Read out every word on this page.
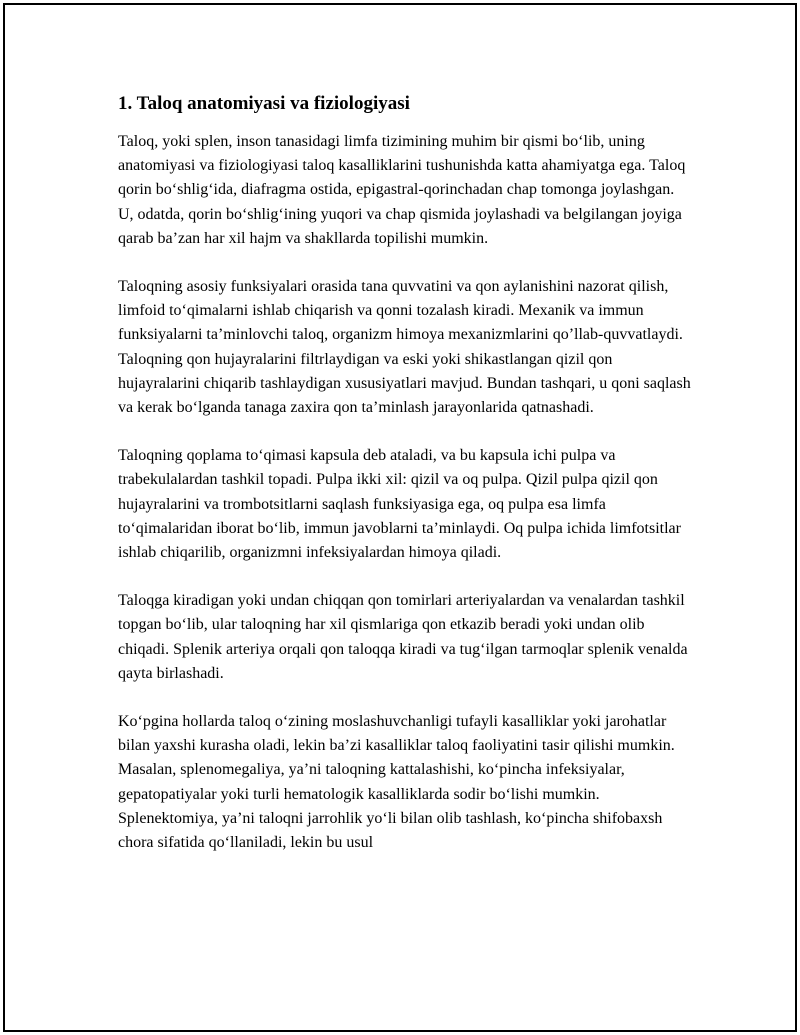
1. Taloq anatomiyasi va fiziologiyasi

Taloq, yoki splen, inson tanasidagi limfa tizimining muhim bir qismi bo‘lib, uning anatomiyasi va fiziologiyasi taloq kasalliklarini tushunishda katta ahamiyatga ega. Taloq qorin bo‘shlig‘ida, diafragma ostida, epigastral-qorinchadan chap tomonga joylashgan. U, odatda, qorin bo‘shlig‘ining yuqori va chap qismida joylashadi va belgilangan joyiga qarab ba’zan har xil hajm va shakllarda topilishi mumkin.

Taloqning asosiy funksiyalari orasida tana quvvatini va qon aylanishini nazorat qilish, limfoid to‘qimalarni ishlab chiqarish va qonni tozalash kiradi. Mexanik va immun funksiyalarni ta’minlovchi taloq, organizm himoya mexanizmlarini qo’llab-quvvatlaydi. Taloqning qon hujayralarini filtrlaydigan va eski yoki shikastlangan qizil qon hujayralarini chiqarib tashlaydigan xususiyatlari mavjud. Bundan tashqari, u qoni saqlash va kerak bo‘lganda tanaga zaxira qon ta’minlash jarayonlarida qatnashadi.

Taloqning qoplama to‘qimasi kapsula deb ataladi, va bu kapsula ichi pulpa va trabekulalardan tashkil topadi. Pulpa ikki xil: qizil va oq pulpa. Qizil pulpa qizil qon hujayralarini va trombotsitlarni saqlash funksiyasiga ega, oq pulpa esa limfa to‘qimalaridan iborat bo‘lib, immun javoblarni ta’minlaydi. Oq pulpa ichida limfotsitlar ishlab chiqarilib, organizmni infeksiyalardan himoya qiladi.

Taloqga kiradigan yoki undan chiqqan qon tomirlari arteriyalardan va venalardan tashkil topgan bo‘lib, ular taloqning har xil qismlariga qon etkazib beradi yoki undan olib chiqadi. Splenik arteriya orqali qon taloqqa kiradi va tug‘ilgan tarmoqlar splenik venalda qayta birlashadi.

Ko‘pgina hollarda taloq o‘zining moslashuvchanligi tufayli kasalliklar yoki jarohatlar bilan yaxshi kurasha oladi, lekin ba’zi kasalliklar taloq faoliyatini tasir qilishi mumkin. Masalan, splenomegaliya, ya’ni taloqning kattalashishi, ko‘pincha infeksiyalar, gepatopatiyalar yoki turli hematologik kasalliklarda sodir bo‘lishi mumkin. Splenektomiya, ya’ni taloqni jarrohlik yo‘li bilan olib tashlash, ko‘pincha shifobaxsh chora sifatida qo‘llaniladi, lekin bu usul
